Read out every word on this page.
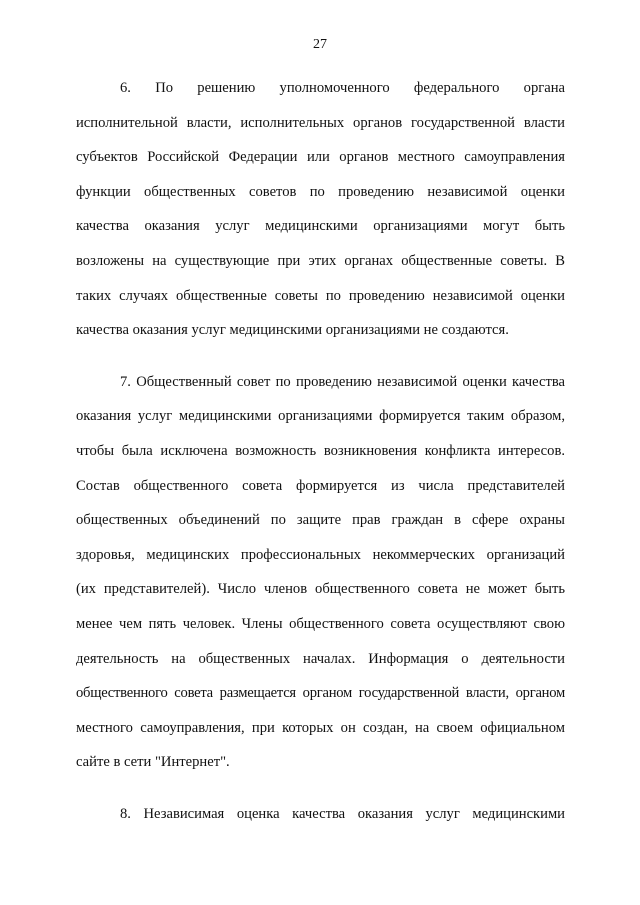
27
6. По решению уполномоченного федерального органа
исполнительной власти, исполнительных органов государственной власти
субъектов Российской Федерации или органов местного самоуправления
функции общественных советов по проведению независимой оценки
качества оказания услуг медицинскими организациями могут быть
возложены на существующие при этих органах общественные советы. В
таких случаях общественные советы по проведению независимой оценки
качества оказания услуг медицинскими организациями не создаются.
7. Общественный совет по проведению независимой оценки качества
оказания услуг медицинскими организациями формируется таким образом,
чтобы была исключена возможность возникновения конфликта интересов.
Состав общественного совета формируется из числа представителей
общественных объединений по защите прав граждан в сфере охраны
здоровья, медицинских профессиональных некоммерческих организаций
(их представителей). Число членов общественного совета не может быть
менее чем пять человек. Члены общественного совета осуществляют свою
деятельность на общественных началах. Информация о деятельности
общественного совета размещается органом государственной власти, органом
местного самоуправления, при которых он создан, на своем официальном
сайте в сети "Интернет".
8. Независимая оценка качества оказания услуг медицинскими
